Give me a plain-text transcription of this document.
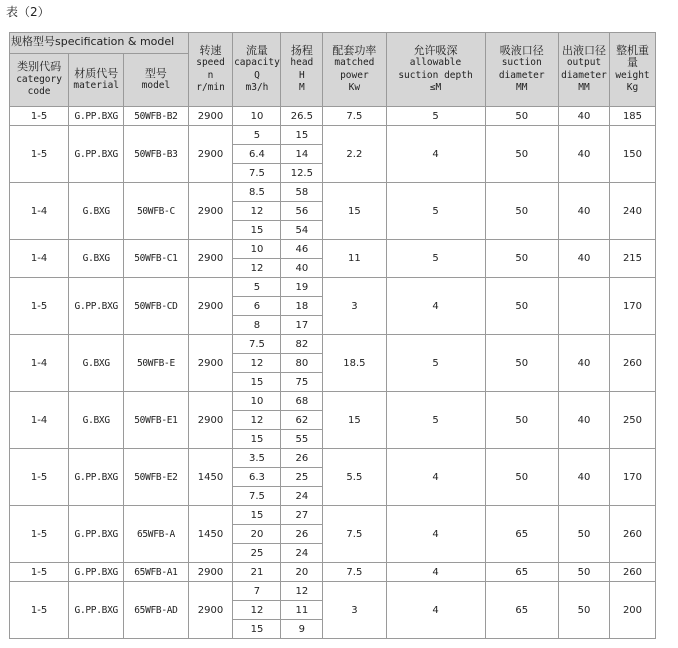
表（2）
规格型号specification & model			转速
speed
n
r/min	流量
capacity
Q
m3/h	扬程
head
H
M	配套功率
matched
power
Kw	允许吸深
allowable
suction depth
≤M	吸液口径
suction
diameter
MM	出液口径
output
diameter
MM	整机重
量
weight
Kg

类别代码
category
code	材质代号
material	型号
model								

1-5	G.PP.BXG	50WFB-B2	2900	10	26.5	7.5	5	50	40	185
1-5	G.PP.BXG	50WFB-B3	2900	5	15	2.2	4	50	40	150
				6.4	14					
				7.5	12.5					
1-4	G.BXG	50WFB-C	2900	8.5	58	15	5	50	40	240
				12	56					
				15	54					
1-4	G.BXG	50WFB-C1	2900	10	46	11	5	50	40	215
				12	40					
1-5	G.PP.BXG	50WFB-CD	2900	5	19	3	4	50		170
				6	18					
				8	17					
1-4	G.BXG	50WFB-E	2900	7.5	82	18.5	5	50	40	260
				12	80					
				15	75					
1-4	G.BXG	50WFB-E1	2900	10	68	15	5	50	40	250
				12	62					
				15	55					
1-5	G.PP.BXG	50WFB-E2	1450	3.5	26	5.5	4	50	40	170
				6.3	25					
				7.5	24					
1-5	G.PP.BXG	65WFB-A	1450	15	27	7.5	4	65	50	260
				20	26					
				25	24					
1-5	G.PP.BXG	65WFB-A1	2900	21	20	7.5	4	65	50	260
1-5	G.PP.BXG	65WFB-AD	2900	7	12	3	4	65	50	200
				12	11					
				15	9					
